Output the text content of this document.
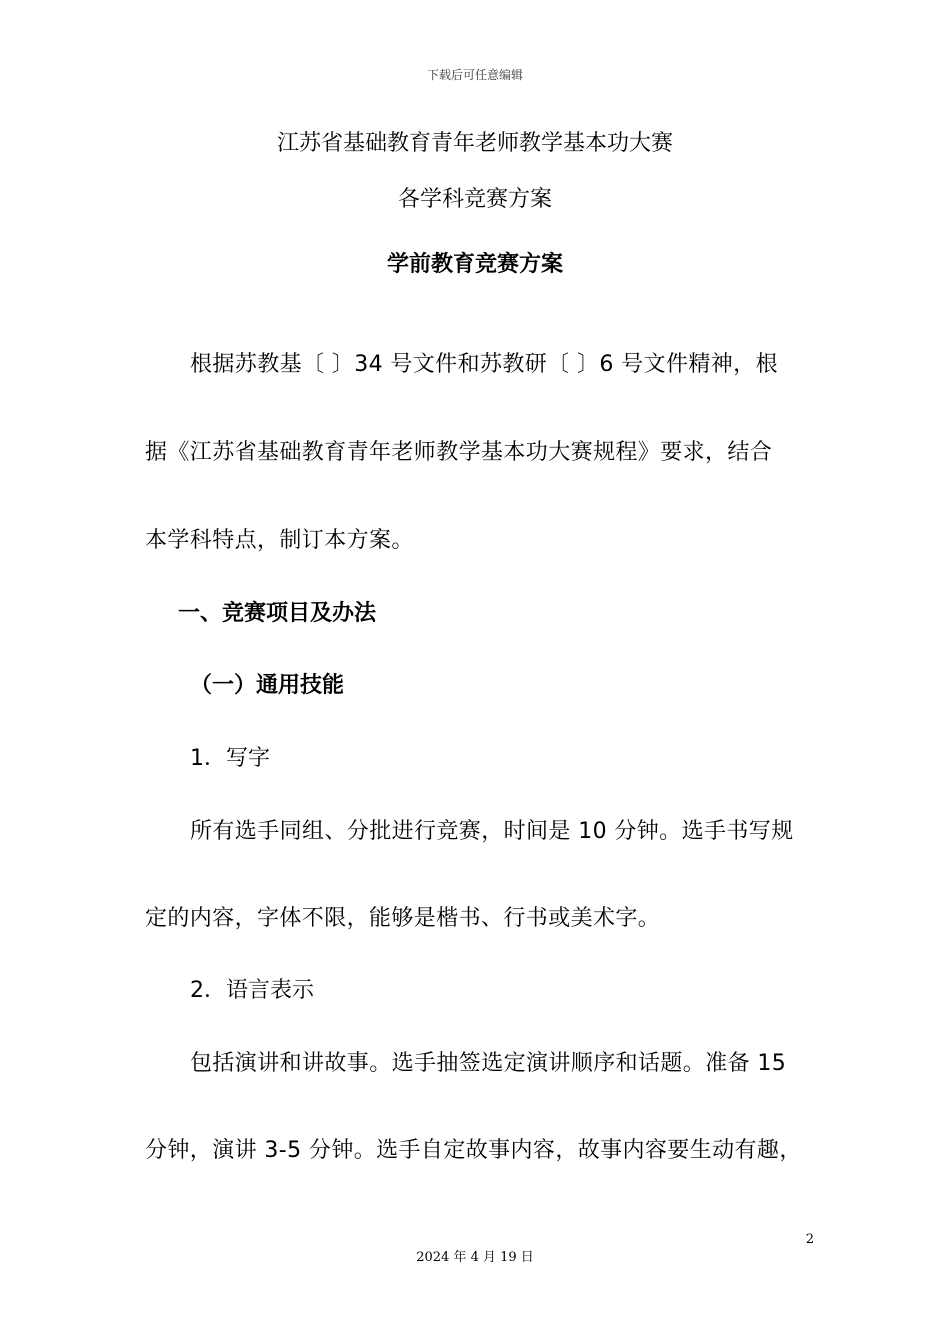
下载后可任意编辑
江苏省基础教育青年老师教学基本功大赛
各学科竞赛方案
学前教育竞赛方案
根据苏教基〔 〕34 号文件和苏教研〔 〕6 号文件精神，根
据《江苏省基础教育青年老师教学基本功大赛规程》要求，结合
本学科特点，制订本方案。
一、竞赛项目及办法
（一）通用技能
1．写字
所有选手同组、分批进行竞赛，时间是 10 分钟。选手书写规
定的内容，字体不限，能够是楷书、行书或美术字。
2．语言表示
包括演讲和讲故事。选手抽签选定演讲顺序和话题。准备 15
分钟，演讲 3-5 分钟。选手自定故事内容，故事内容要生动有趣，
2
2024 年 4 月 19 日
